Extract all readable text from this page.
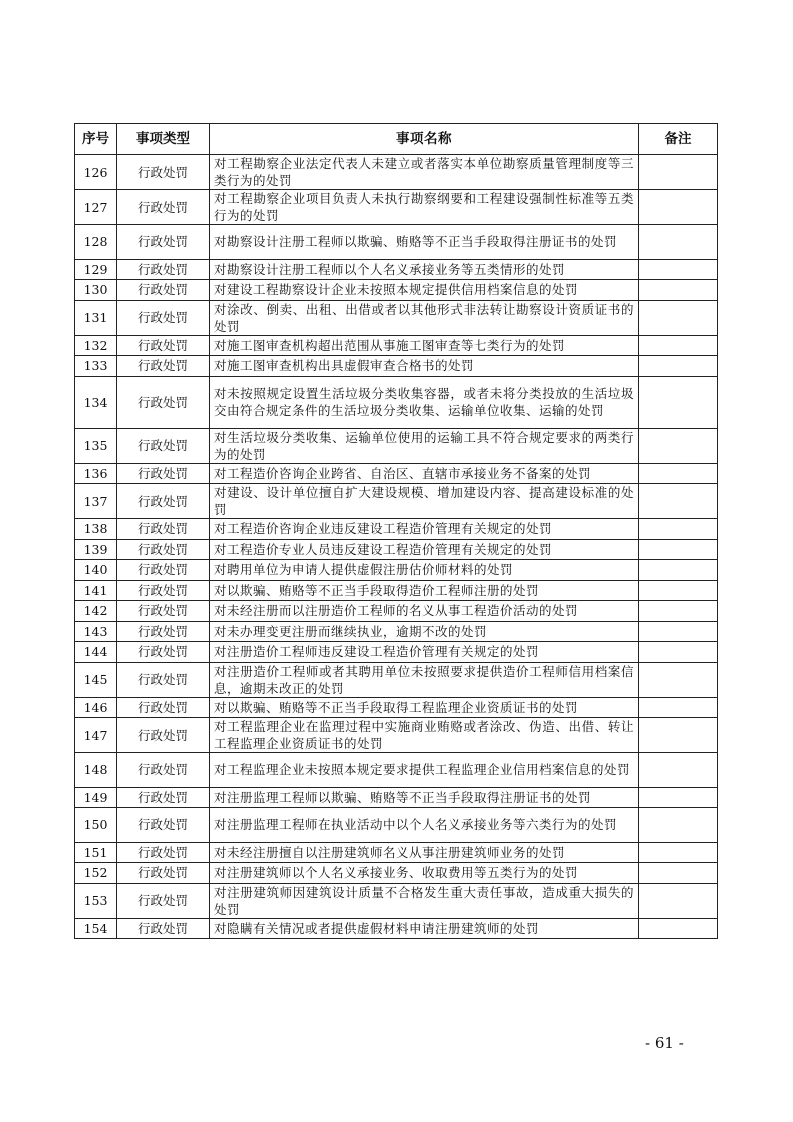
序号	事项类型	事项名称	备注
126	行政处罚	对工程勘察企业法定代表人未建立或者落实本单位勘察质量管理制度等三类行为的处罚	
127	行政处罚	对工程勘察企业项目负责人未执行勘察纲要和工程建设强制性标准等五类行为的处罚	
128	行政处罚	对勘察设计注册工程师以欺骗、贿赂等不正当手段取得注册证书的处罚	
129	行政处罚	对勘察设计注册工程师以个人名义承接业务等五类情形的处罚	
130	行政处罚	对建设工程勘察设计企业未按照本规定提供信用档案信息的处罚	
131	行政处罚	对涂改、倒卖、出租、出借或者以其他形式非法转让勘察设计资质证书的处罚	
132	行政处罚	对施工图审查机构超出范围从事施工图审查等七类行为的处罚	
133	行政处罚	对施工图审查机构出具虚假审查合格书的处罚	
134	行政处罚	对未按照规定设置生活垃圾分类收集容器，或者未将分类投放的生活垃圾交由符合规定条件的生活垃圾分类收集、运输单位收集、运输的处罚	
135	行政处罚	对生活垃圾分类收集、运输单位使用的运输工具不符合规定要求的两类行为的处罚	
136	行政处罚	对工程造价咨询企业跨省、自治区、直辖市承接业务不备案的处罚	
137	行政处罚	对建设、设计单位擅自扩大建设规模、增加建设内容、提高建设标准的处罚	
138	行政处罚	对工程造价咨询企业违反建设工程造价管理有关规定的处罚	
139	行政处罚	对工程造价专业人员违反建设工程造价管理有关规定的处罚	
140	行政处罚	对聘用单位为申请人提供虚假注册估价师材料的处罚	
141	行政处罚	对以欺骗、贿赂等不正当手段取得造价工程师注册的处罚	
142	行政处罚	对未经注册而以注册造价工程师的名义从事工程造价活动的处罚	
143	行政处罚	对未办理变更注册而继续执业，逾期不改的处罚	
144	行政处罚	对注册造价工程师违反建设工程造价管理有关规定的处罚	
145	行政处罚	对注册造价工程师或者其聘用单位未按照要求提供造价工程师信用档案信息，逾期未改正的处罚	
146	行政处罚	对以欺骗、贿赂等不正当手段取得工程监理企业资质证书的处罚	
147	行政处罚	对工程监理企业在监理过程中实施商业贿赂或者涂改、伪造、出借、转让工程监理企业资质证书的处罚	
148	行政处罚	对工程监理企业未按照本规定要求提供工程监理企业信用档案信息的处罚	
149	行政处罚	对注册监理工程师以欺骗、贿赂等不正当手段取得注册证书的处罚	
150	行政处罚	对注册监理工程师在执业活动中以个人名义承接业务等六类行为的处罚	
151	行政处罚	对未经注册擅自以注册建筑师名义从事注册建筑师业务的处罚	
152	行政处罚	对注册建筑师以个人名义承接业务、收取费用等五类行为的处罚	
153	行政处罚	对注册建筑师因建筑设计质量不合格发生重大责任事故，造成重大损失的处罚	
154	行政处罚	对隐瞒有关情况或者提供虚假材料申请注册建筑师的处罚	
- 61 -
